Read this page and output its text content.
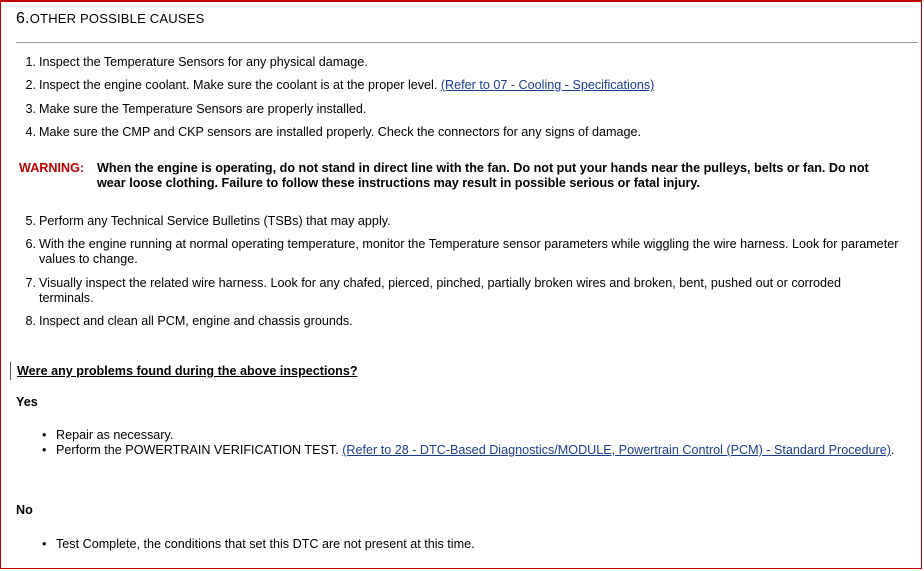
6.OTHER POSSIBLE CAUSES
1. Inspect the Temperature Sensors for any physical damage.
2. Inspect the engine coolant. Make sure the coolant is at the proper level. (Refer to 07 - Cooling - Specifications)
3. Make sure the Temperature Sensors are properly installed.
4. Make sure the CMP and CKP sensors are installed properly. Check the connectors for any signs of damage.
5. Perform any Technical Service Bulletins (TSBs) that may apply.
6. With the engine running at normal operating temperature, monitor the Temperature sensor parameters while wiggling the wire harness. Look for parameter values to change.
7. Visually inspect the related wire harness. Look for any chafed, pierced, pinched, partially broken wires and broken, bent, pushed out or corroded terminals.
8. Inspect and clean all PCM, engine and chassis grounds.
WARNING: When the engine is operating, do not stand in direct line with the fan. Do not put your hands near the pulleys, belts or fan. Do not wear loose clothing. Failure to follow these instructions may result in possible serious or fatal injury.
Were any problems found during the above inspections?
Yes
• Repair as necessary.
• Perform the POWERTRAIN VERIFICATION TEST. (Refer to 28 - DTC-Based Diagnostics/MODULE, Powertrain Control (PCM) - Standard Procedure).
No
• Test Complete, the conditions that set this DTC are not present at this time.
